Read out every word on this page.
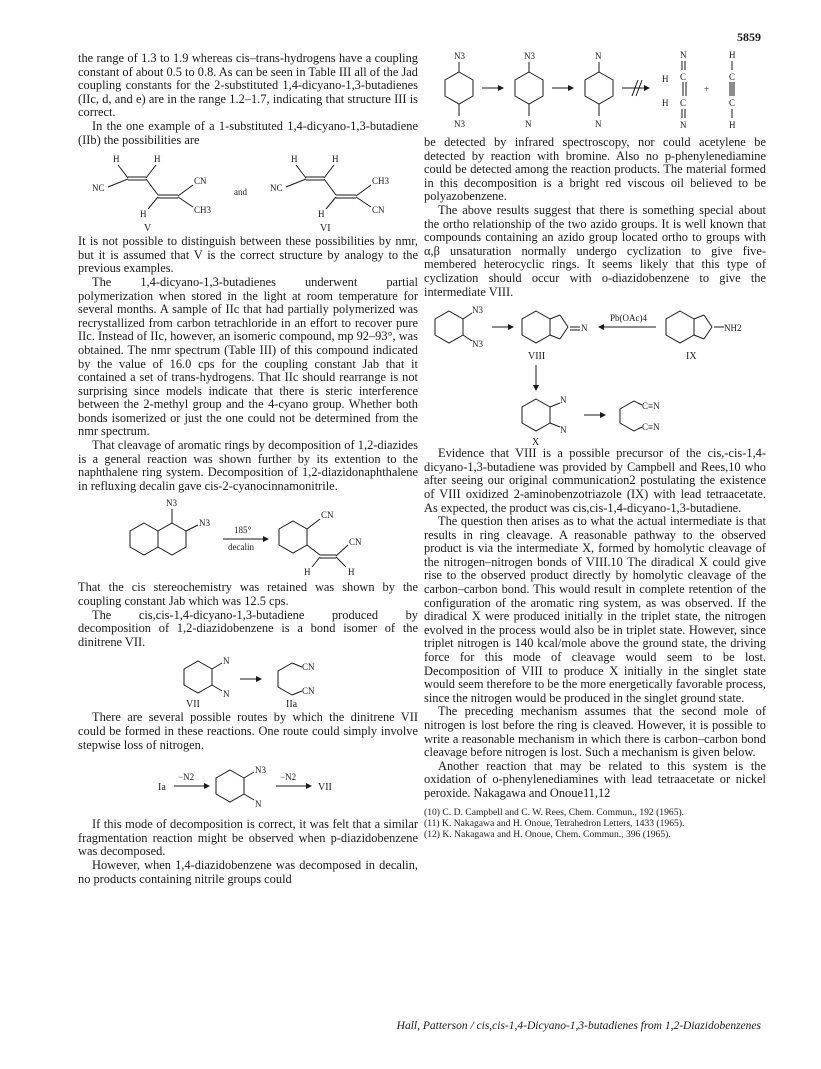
5859

the range of 1.3 to 1.9 whereas cis–trans-hydrogens have a coupling constant of about 0.5 to 0.8. As can be seen in Table III all of the Jad coupling constants for the 2-substituted 1,4-dicyano-1,3-butadienes (IIc, d, and e) are in the range 1.2–1.7, indicating that structure III is correct.

In the one example of a 1-substituted 1,4-dicyano-1,3-butadiene (IIb) the possibilities are

H	H
NC
CN
CH3
H
V
and
H	H
NC
CH3
CN
H
VI

It is not possible to distinguish between these possibilities by nmr, but it is assumed that V is the correct structure by analogy to the previous examples.

The 1,4-dicyano-1,3-butadienes underwent partial polymerization when stored in the light at room temperature for several months. A sample of IIc that had partially polymerized was recrystallized from carbon tetrachloride in an effort to recover pure IIc. Instead of IIc, however, an isomeric compound, mp 92–93°, was obtained. The nmr spectrum (Table III) of this compound indicated by the value of 16.0 cps for the coupling constant Jab that it contained a set of trans-hydrogens. That IIc should rearrange is not surprising since models indicate that there is steric interference between the 2-methyl group and the 4-cyano group. Whether both bonds isomerized or just the one could not be determined from the nmr spectrum.

That cleavage of aromatic rings by decomposition of 1,2-diazides is a general reaction was shown further by its extention to the naphthalene ring system. Decomposition of 1,2-diazidonaphthalene in refluxing decalin gave cis-2-cyanocinnamonitrile.

N3
N3
185°
decalin
CN
CN
H	H

That the cis stereochemistry was retained was shown by the coupling constant Jab which was 12.5 cps.

The cis,cis-1,4-dicyano-1,3-butadiene produced by decomposition of 1,2-diazidobenzene is a bond isomer of the dinitrene VII.

N
N
VII
CN
CN
IIa

There are several possible routes by which the dinitrene VII could be formed in these reactions. One route could simply involve stepwise loss of nitrogen.

Ia
−N2
N3
N
−N2
VII

If this mode of decomposition is correct, it was felt that a similar fragmentation reaction might be observed when p-diazidobenzene was decomposed.

However, when 1,4-diazidobenzene was decomposed in decalin, no products containing nitrile groups could

N3
N3
N3
N
N
N
N
C
H
C
H
N
+
H
C
C
H

be detected by infrared spectroscopy, nor could acetylene be detected by reaction with bromine. Also no p-phenylenediamine could be detected among the reaction products. The material formed in this decomposition is a bright red viscous oil believed to be polyazobenzene.

The above results suggest that there is something special about the ortho relationship of the two azido groups. It is well known that compounds containing an azido group located ortho to groups with α,β unsaturation normally undergo cyclization to give five-membered heterocyclic rings. It seems likely that this type of cyclization should occur with o-diazidobenzene to give the intermediate VIII.

N3
N3
N
VIII
Pb(OAc)4
NH2
IX
N
N
X
C≡N
C≡N

Evidence that VIII is a possible precursor of the cis,-cis-1,4-dicyano-1,3-butadiene was provided by Campbell and Rees,10 who after seeing our original communication2 postulating the existence of VIII oxidized 2-aminobenzotriazole (IX) with lead tetraacetate. As expected, the product was cis,cis-1,4-dicyano-1,3-butadiene.

The question then arises as to what the actual intermediate is that results in ring cleavage. A reasonable pathway to the observed product is via the intermediate X, formed by homolytic cleavage of the nitrogen–nitrogen bonds of VIII.10 The diradical X could give rise to the observed product directly by homolytic cleavage of the carbon–carbon bond. This would result in complete retention of the configuration of the aromatic ring system, as was observed. If the diradical X were produced initially in the triplet state, the nitrogen evolved in the process would also be in triplet state. However, since triplet nitrogen is 140 kcal/mole above the ground state, the driving force for this mode of cleavage would seem to be lost. Decomposition of VIII to produce X initially in the singlet state would seem therefore to be the more energetically favorable process, since the nitrogen would be produced in the singlet ground state.

The preceding mechanism assumes that the second mole of nitrogen is lost before the ring is cleaved. However, it is possible to write a reasonable mechanism in which there is carbon–carbon bond cleavage before nitrogen is lost. Such a mechanism is given below.

Another reaction that may be related to this system is the oxidation of o-phenylenediamines with lead tetraacetate or nickel peroxide. Nakagawa and Onoue11,12

(10) C. D. Campbell and C. W. Rees, Chem. Commun., 192 (1965).
(11) K. Nakagawa and H. Onoue, Tetrahedron Letters, 1433 (1965).
(12) K. Nakagawa and H. Onoue, Chem. Commun., 396 (1965).
Hall, Patterson / cis,cis-1,4-Dicyano-1,3-butadienes from 1,2-Diazidobenzenes
